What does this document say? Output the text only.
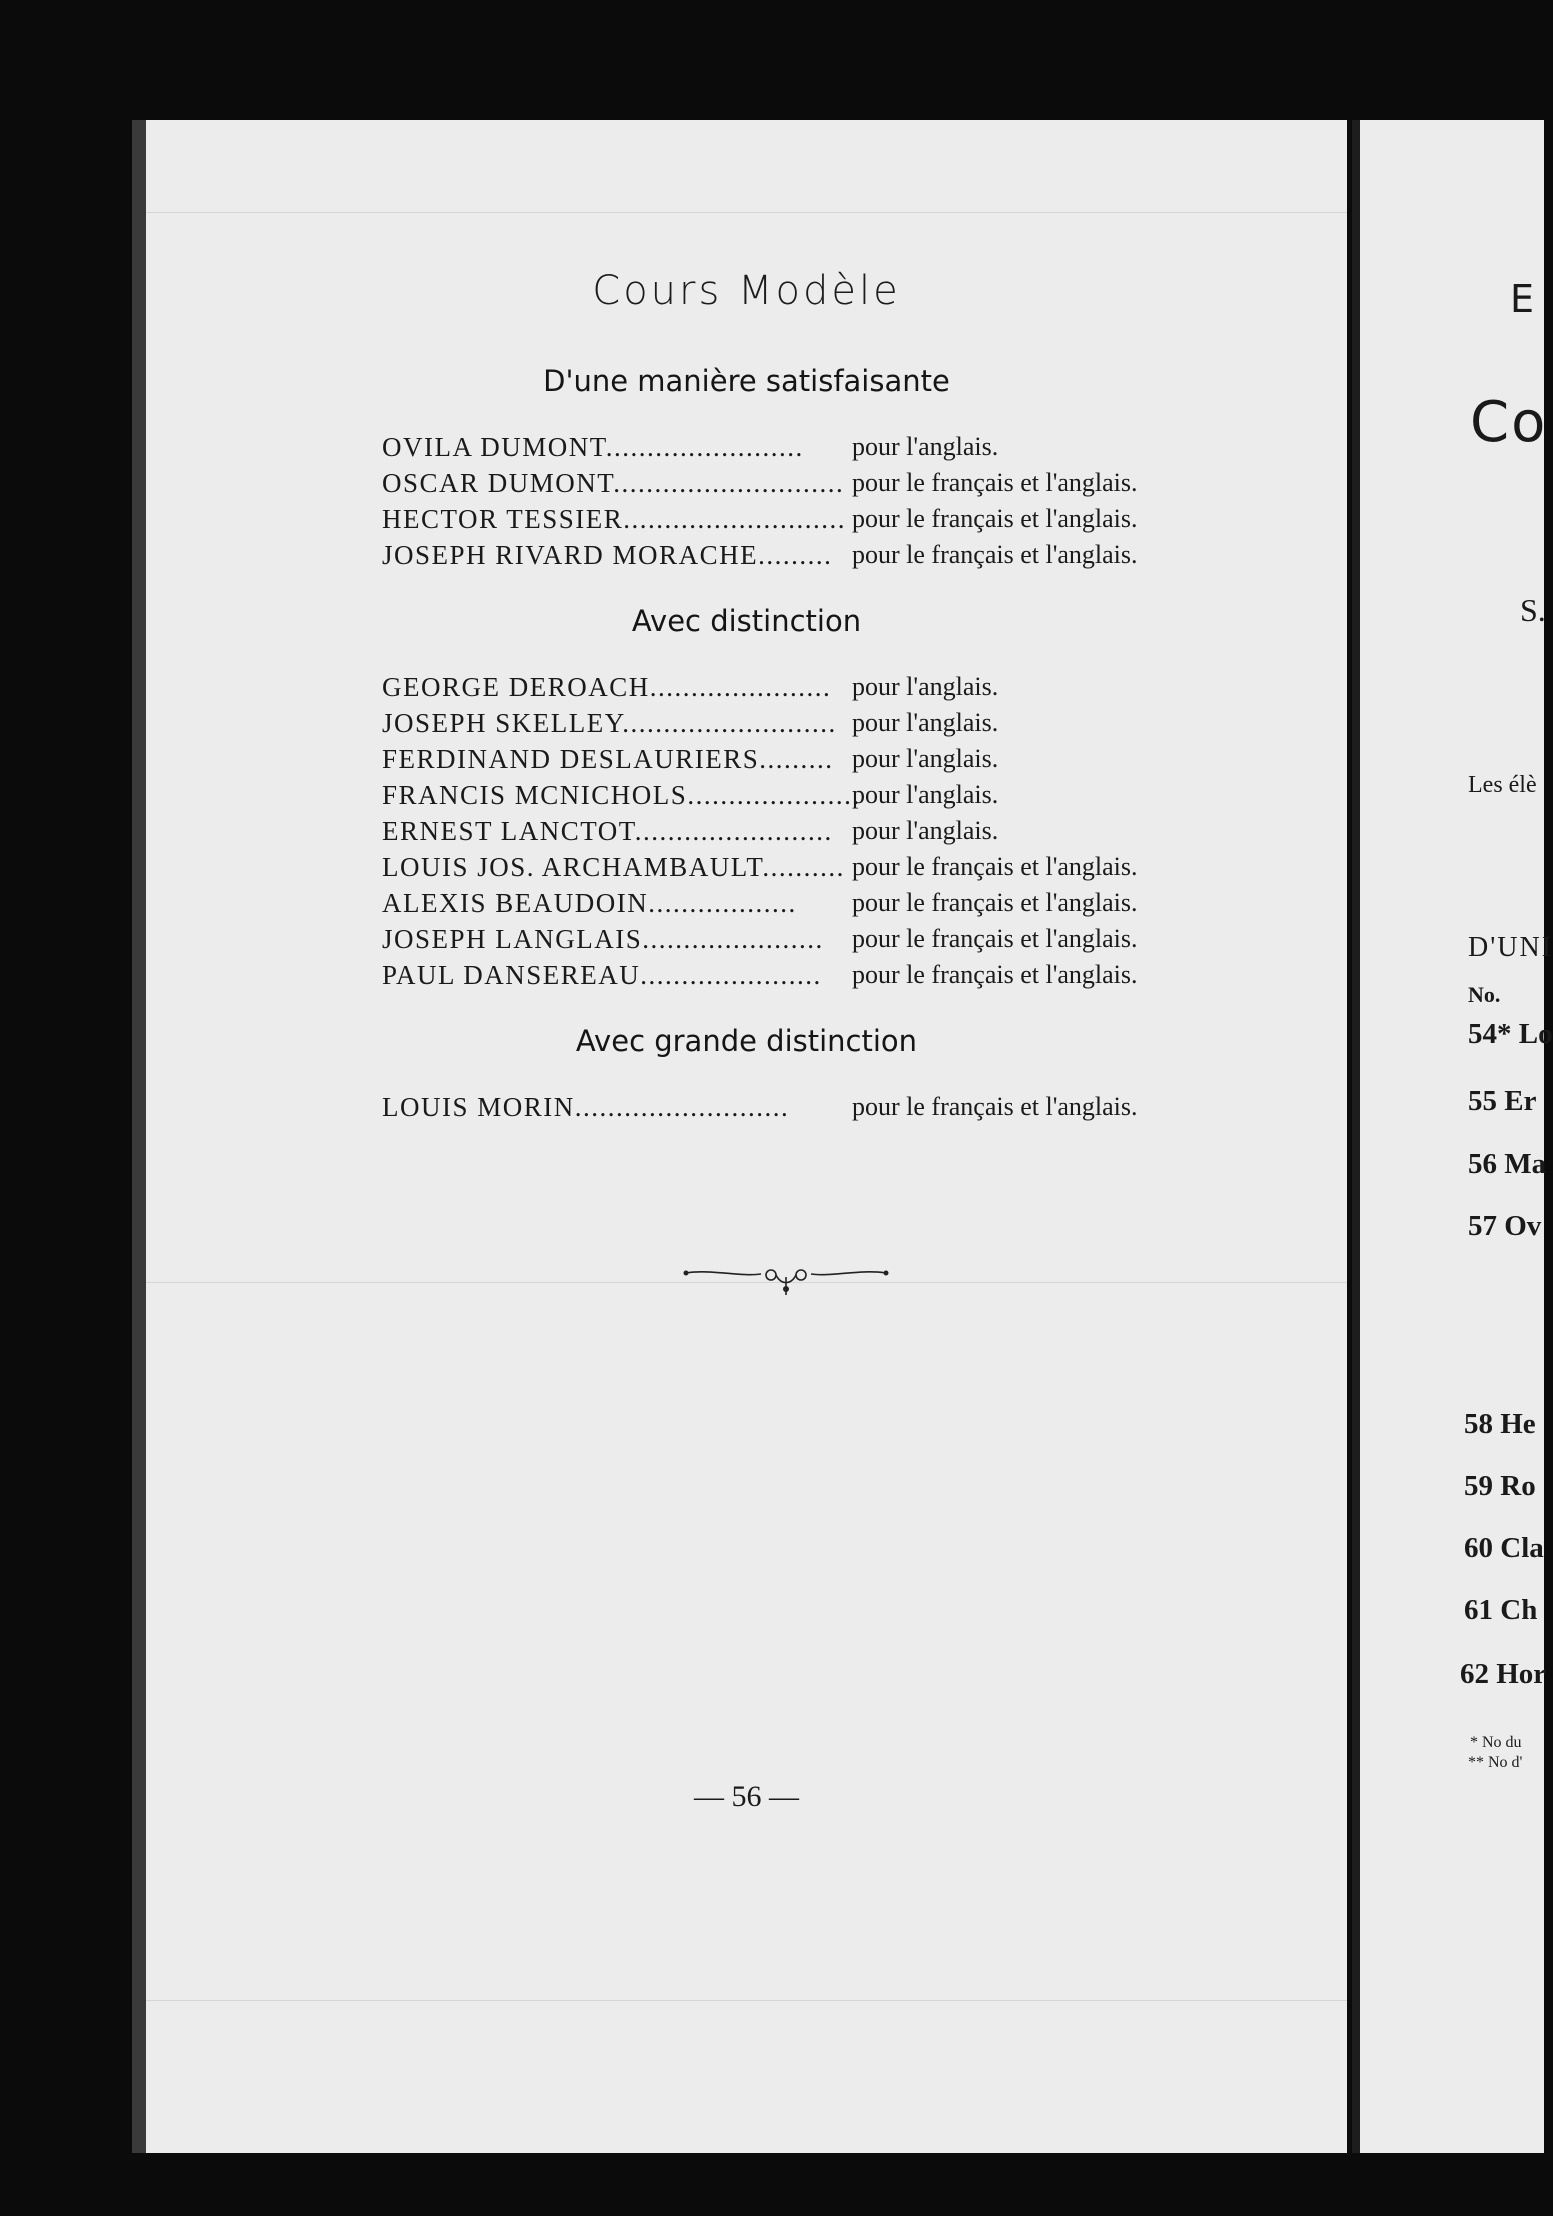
Cours Modèle
D'une manière satisfaisante
OVILA DUMONT........................ pour l'anglais.
OSCAR DUMONT............................ pour le français et l'anglais.
HECTOR TESSIER........................... pour le français et l'anglais.
JOSEPH RIVARD MORACHE......... pour le français et l'anglais.
Avec distinction
GEORGE DEROACH...................... pour l'anglais.
JOSEPH SKELLEY.......................... pour l'anglais.
FERDINAND DESLAURIERS......... pour l'anglais.
FRANCIS MCNICHOLS.....................
pour l'anglais.
ERNEST LANCTOT........................ pour l'anglais.
LOUIS JOS. ARCHAMBAULT.......... pour le français et l'anglais.
ALEXIS BEAUDOIN.................. pour le français et l'anglais.
JOSEPH LANGLAIS...................... pour le français et l'anglais.
PAUL DANSEREAU...................... pour le français et l'anglais.
Avec grande distinction
LOUIS MORIN.......................... pour le français et l'anglais.
— 56 —
E
Co
S.
Les élè
D'UNI
No.
54* Lo
55 Er
56 Ma
57 Ov
58 He
59 Ro
60 Cla
61 Ch
62 Hor
* No du
** No d'
